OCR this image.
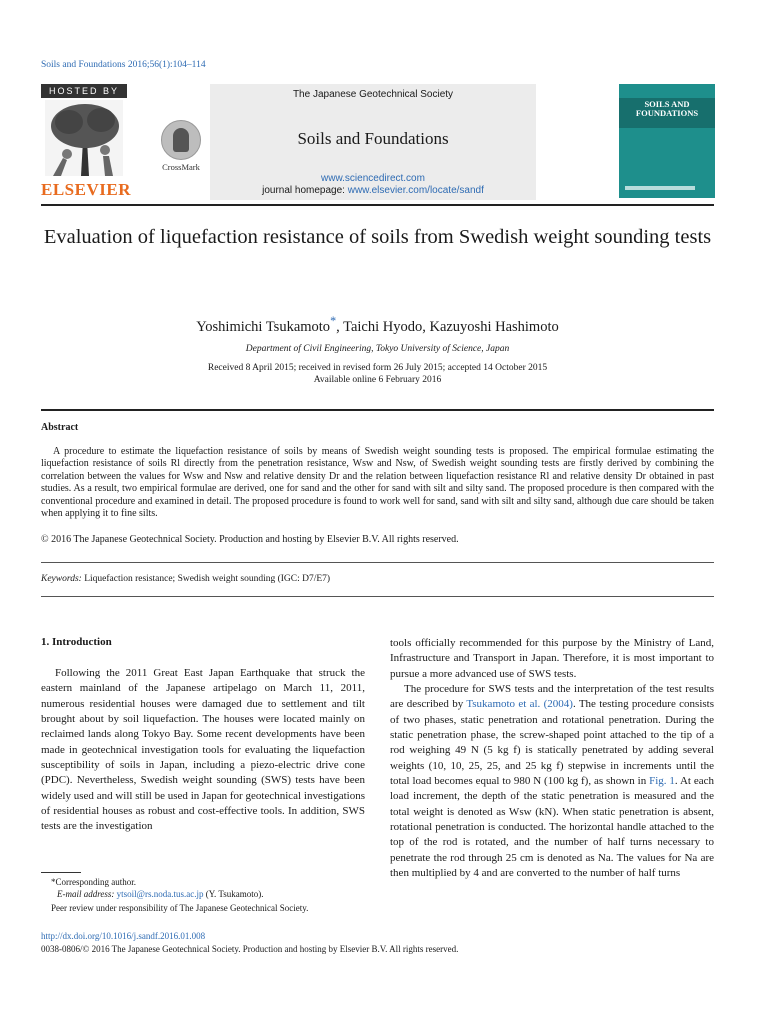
Soils and Foundations 2016;56(1):104–114
HOSTED BY
ELSEVIER
CrossMark
The Japanese Geotechnical Society
Soils and Foundations
www.sciencedirect.com
journal homepage: www.elsevier.com/locate/sandf
SOILS AND FOUNDATIONS
Evaluation of liquefaction resistance of soils from Swedish weight sounding tests
Yoshimichi Tsukamoto*, Taichi Hyodo, Kazuyoshi Hashimoto
Department of Civil Engineering, Tokyo University of Science, Japan
Received 8 April 2015; received in revised form 26 July 2015; accepted 14 October 2015
Available online 6 February 2016
Abstract
A procedure to estimate the liquefaction resistance of soils by means of Swedish weight sounding tests is proposed. The empirical formulae estimating the liquefaction resistance of soils Rl directly from the penetration resistance, Wsw and Nsw, of Swedish weight sounding tests are firstly derived by combining the correlation between the values for Wsw and Nsw and relative density Dr and the relation between liquefaction resistance Rl and relative density Dr obtained in past studies. As a result, two empirical formulae are derived, one for sand and the other for sand with silt and silty sand. The proposed procedure is then compared with the conventional procedure and examined in detail. The proposed procedure is found to work well for sand, sand with silt and silty sand, although due care should be taken when applying it to fine silts.
© 2016 The Japanese Geotechnical Society. Production and hosting by Elsevier B.V. All rights reserved.
Keywords: Liquefaction resistance; Swedish weight sounding (IGC: D7/E7)
1. Introduction
Following the 2011 Great East Japan Earthquake that struck the eastern mainland of the Japanese artipelago on March 11, 2011, numerous residential houses were damaged due to settlement and tilt brought about by soil liquefaction. The houses were located mainly on reclaimed lands along Tokyo Bay. Some recent developments have been made in geotechnical investigation tools for evaluating the liquefaction susceptibility of soils in Japan, including a piezo-electric drive cone (PDC). Nevertheless, Swedish weight sounding (SWS) tests have been widely used and will still be used in Japan for geotechnical investigations of residential houses as robust and cost-effective tools. In addition, SWS tests are the investigation
tools officially recommended for this purpose by the Ministry of Land, Infrastructure and Transport in Japan. Therefore, it is most important to pursue a more advanced use of SWS tests.
The procedure for SWS tests and the interpretation of the test results are described by Tsukamoto et al. (2004). The testing procedure consists of two phases, static penetration and rotational penetration. During the static penetration phase, the screw-shaped point attached to the tip of a rod weighing 49 N (5 kg f) is statically penetrated by adding several weights (10, 10, 25, 25, and 25 kg f) stepwise in increments until the total load becomes equal to 980 N (100 kg f), as shown in Fig. 1. At each load increment, the depth of the static penetration is measured and the total weight is denoted as Wsw (kN). When static penetration is absent, rotational penetration is conducted. The horizontal handle attached to the top of the rod is rotated, and the number of half turns necessary to penetrate the rod through 25 cm is denoted as Na. The values for Na are then multiplied by 4 and are converted to the number of half turns
*Corresponding author.
E-mail address: ytsoil@rs.noda.tus.ac.jp (Y. Tsukamoto).
Peer review under responsibility of The Japanese Geotechnical Society.
http://dx.doi.org/10.1016/j.sandf.2016.01.008
0038-0806/© 2016 The Japanese Geotechnical Society. Production and hosting by Elsevier B.V. All rights reserved.
